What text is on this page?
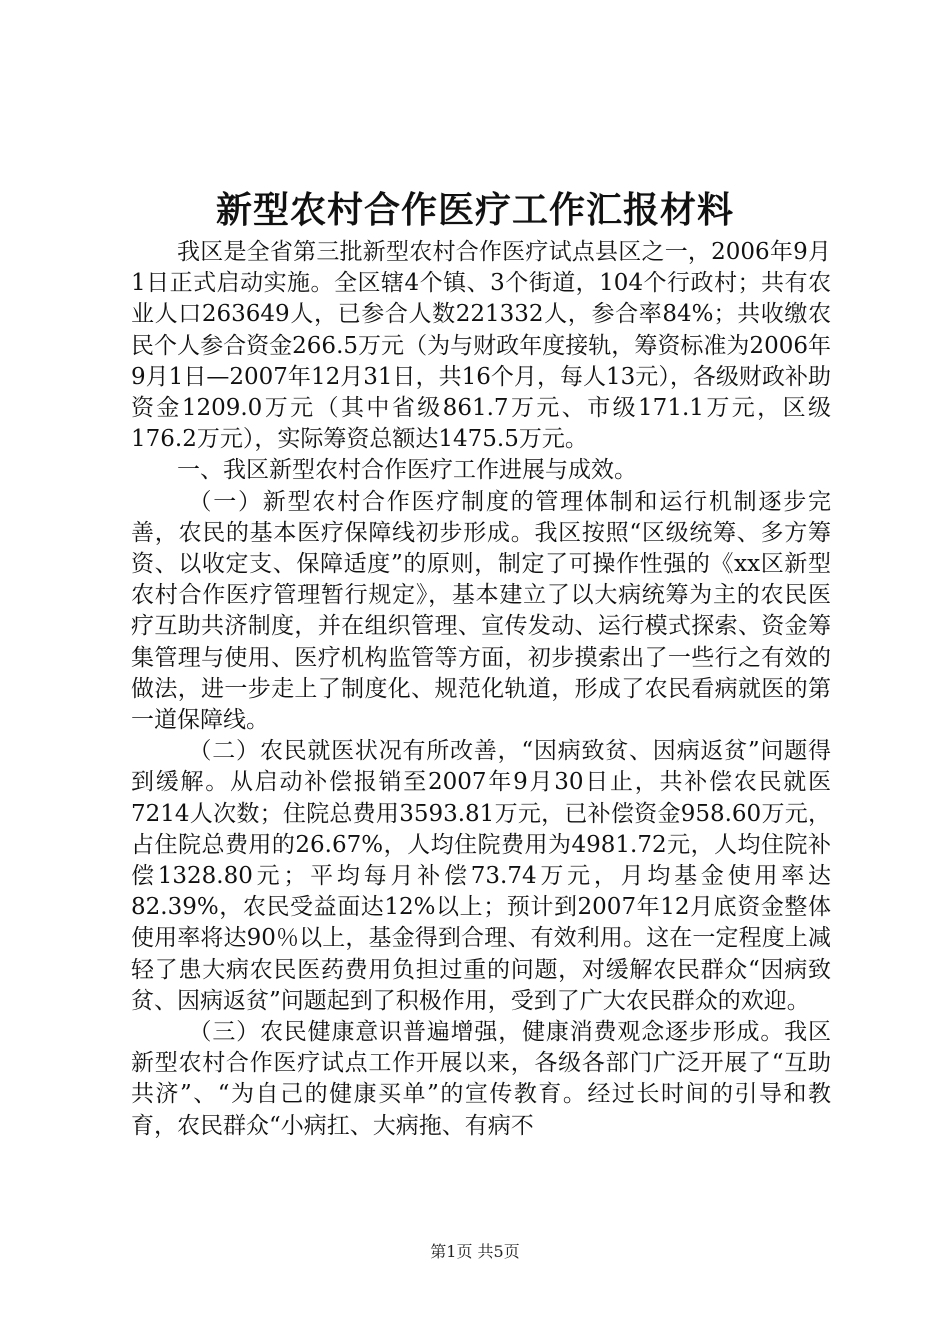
新型农村合作医疗工作汇报材料

我区是全省第三批新型农村合作医疗试点县区之一，2006年9月1日正式启动实施。全区辖4个镇、3个街道，104个行政村；共有农业人口263649人，已参合人数221332人，参合率84%；共收缴农民个人参合资金266.5万元（为与财政年度接轨，筹资标准为2006年9月1日—2007年12月31日，共16个月，每人13元），各级财政补助资金1209.0万元（其中省级861.7万元、市级171.1万元，区级176.2万元），实际筹资总额达1475.5万元。

一、我区新型农村合作医疗工作进展与成效。

（一）新型农村合作医疗制度的管理体制和运行机制逐步完善，农民的基本医疗保障线初步形成。我区按照“区级统筹、多方筹资、以收定支、保障适度”的原则，制定了可操作性强的《xx区新型农村合作医疗管理暂行规定》，基本建立了以大病统筹为主的农民医疗互助共济制度，并在组织管理、宣传发动、运行模式探索、资金筹集管理与使用、医疗机构监管等方面，初步摸索出了一些行之有效的做法，进一步走上了制度化、规范化轨道，形成了农民看病就医的第一道保障线。

（二）农民就医状况有所改善，“因病致贫、因病返贫”问题得到缓解。从启动补偿报销至2007年9月30日止，共补偿农民就医7214人次数；住院总费用3593.81万元，已补偿资金958.60万元，占住院总费用的26.67%，人均住院费用为4981.72元，人均住院补偿1328.80元；平均每月补偿73.74万元，月均基金使用率达82.39%，农民受益面达12%以上；预计到2007年12月底资金整体使用率将达90％以上，基金得到合理、有效利用。这在一定程度上减轻了患大病农民医药费用负担过重的问题，对缓解农民群众“因病致贫、因病返贫”问题起到了积极作用，受到了广大农民群众的欢迎。

（三）农民健康意识普遍增强，健康消费观念逐步形成。我区新型农村合作医疗试点工作开展以来，各级各部门广泛开展了“互助共济”、“为自己的健康买单”的宣传教育。经过长时间的引导和教育，农民群众“小病扛、大病拖、有病不

第1页 共5页
